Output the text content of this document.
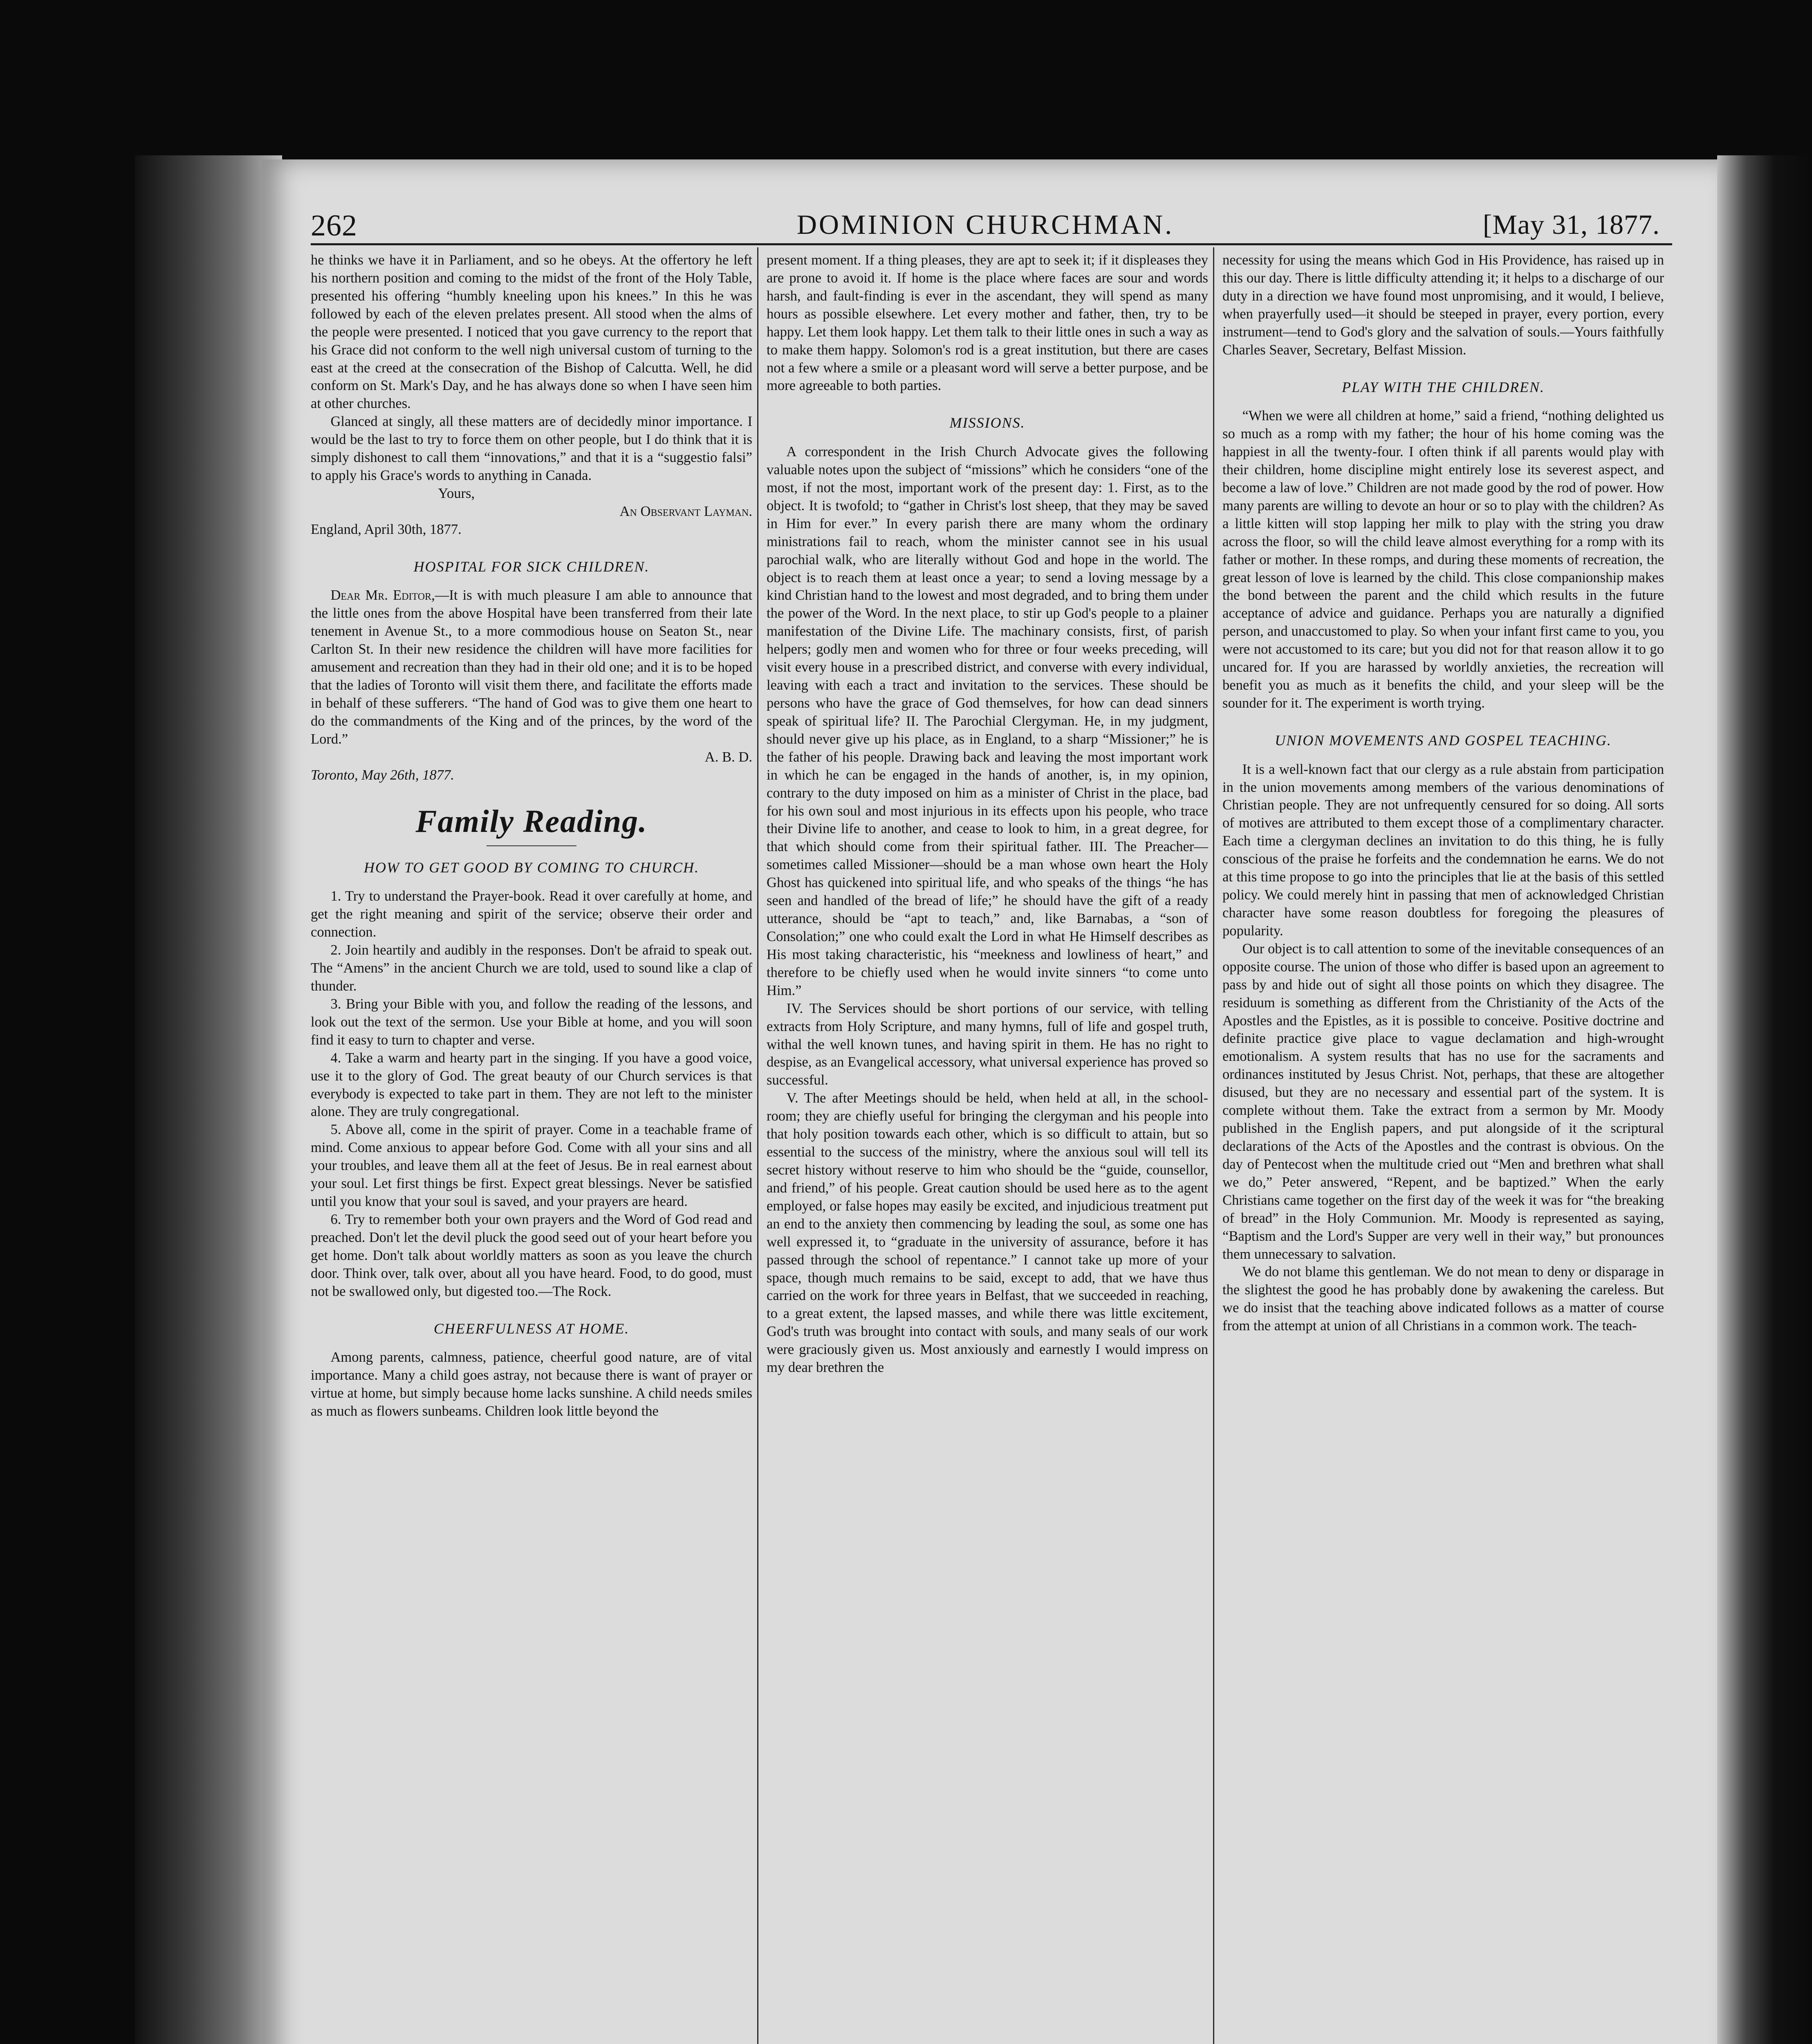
262	DOMINION CHURCHMAN.	[May 31, 1877.

he thinks we have it in Parliament, and so he obeys. At the offertory he left his northern position and coming to the midst of the front of the Holy Table, presented his offering “humbly kneeling upon his knees.” In this he was followed by each of the eleven prelates present. All stood when the alms of the people were presented. I noticed that you gave currency to the report that his Grace did not conform to the well nigh universal custom of turning to the east at the creed at the consecration of the Bishop of Calcutta. Well, he did conform on St. Mark's Day, and he has always done so when I have seen him at other churches.

Glanced at singly, all these matters are of decidedly minor importance. I would be the last to try to force them on other people, but I do think that it is simply dishonest to call them “innovations,” and that it is a “suggestio falsi” to apply his Grace's words to anything in Canada.

Yours,

An Observant Layman.

England, April 30th, 1877.

HOSPITAL FOR SICK CHILDREN.

Dear Mr. Editor,—It is with much pleasure I am able to announce that the little ones from the above Hospital have been transferred from their late tenement in Avenue St., to a more commodious house on Seaton St., near Carlton St. In their new residence the children will have more facilities for amusement and recreation than they had in their old one; and it is to be hoped that the ladies of Toronto will visit them there, and facilitate the efforts made in behalf of these sufferers. “The hand of God was to give them one heart to do the commandments of the King and of the princes, by the word of the Lord.”

A. B. D.

Toronto, May 26th, 1877.

Family Reading.
HOW TO GET GOOD BY COMING TO CHURCH.

1. Try to understand the Prayer-book. Read it over carefully at home, and get the right meaning and spirit of the service; observe their order and connection.

2. Join heartily and audibly in the responses. Don't be afraid to speak out. The “Amens” in the ancient Church we are told, used to sound like a clap of thunder.

3. Bring your Bible with you, and follow the reading of the lessons, and look out the text of the sermon. Use your Bible at home, and you will soon find it easy to turn to chapter and verse.

4. Take a warm and hearty part in the singing. If you have a good voice, use it to the glory of God. The great beauty of our Church services is that everybody is expected to take part in them. They are not left to the minister alone. They are truly congregational.

5. Above all, come in the spirit of prayer. Come in a teachable frame of mind. Come anxious to appear before God. Come with all your sins and all your troubles, and leave them all at the feet of Jesus. Be in real earnest about your soul. Let first things be first. Expect great blessings. Never be satisfied until you know that your soul is saved, and your prayers are heard.

6. Try to remember both your own prayers and the Word of God read and preached. Don't let the devil pluck the good seed out of your heart before you get home. Don't talk about worldly matters as soon as you leave the church door. Think over, talk over, about all you have heard. Food, to do good, must not be swallowed only, but digested too.—The Rock.

CHEERFULNESS AT HOME.

Among parents, calmness, patience, cheerful good nature, are of vital importance. Many a child goes astray, not because there is want of prayer or virtue at home, but simply because home lacks sunshine. A child needs smiles as much as flowers sunbeams. Children look little beyond the

present moment. If a thing pleases, they are apt to seek it; if it displeases they are prone to avoid it. If home is the place where faces are sour and words harsh, and fault-finding is ever in the ascendant, they will spend as many hours as possible elsewhere. Let every mother and father, then, try to be happy. Let them look happy. Let them talk to their little ones in such a way as to make them happy. Solomon's rod is a great institution, but there are cases not a few where a smile or a pleasant word will serve a better purpose, and be more agreeable to both parties.

MISSIONS.

A correspondent in the Irish Church Advocate gives the following valuable notes upon the subject of “missions” which he considers “one of the most, if not the most, important work of the present day: 1. First, as to the object. It is twofold; to “gather in Christ's lost sheep, that they may be saved in Him for ever.” In every parish there are many whom the ordinary ministrations fail to reach, whom the minister cannot see in his usual parochial walk, who are literally without God and hope in the world. The object is to reach them at least once a year; to send a loving message by a kind Christian hand to the lowest and most degraded, and to bring them under the power of the Word. In the next place, to stir up God's people to a plainer manifestation of the Divine Life. The machinary consists, first, of parish helpers; godly men and women who for three or four weeks preceding, will visit every house in a prescribed district, and converse with every individual, leaving with each a tract and invitation to the services. These should be persons who have the grace of God themselves, for how can dead sinners speak of spiritual life? II. The Parochial Clergyman. He, in my judgment, should never give up his place, as in England, to a sharp “Missioner;” he is the father of his people. Drawing back and leaving the most important work in which he can be engaged in the hands of another, is, in my opinion, contrary to the duty imposed on him as a minister of Christ in the place, bad for his own soul and most injurious in its effects upon his people, who trace their Divine life to another, and cease to look to him, in a great degree, for that which should come from their spiritual father. III. The Preacher—sometimes called Missioner—should be a man whose own heart the Holy Ghost has quickened into spiritual life, and who speaks of the things “he has seen and handled of the bread of life;” he should have the gift of a ready utterance, should be “apt to teach,” and, like Barnabas, a “son of Consolation;” one who could exalt the Lord in what He Himself describes as His most taking characteristic, his “meekness and lowliness of heart,” and therefore to be chiefly used when he would invite sinners “to come unto Him.”

IV. The Services should be short portions of our service, with telling extracts from Holy Scripture, and many hymns, full of life and gospel truth, withal the well known tunes, and having spirit in them. He has no right to despise, as an Evangelical accessory, what universal experience has proved so successful.

V. The after Meetings should be held, when held at all, in the school-room; they are chiefly useful for bringing the clergyman and his people into that holy position towards each other, which is so difficult to attain, but so essential to the success of the ministry, where the anxious soul will tell its secret history without reserve to him who should be the “guide, counsellor, and friend,” of his people. Great caution should be used here as to the agent employed, or false hopes may easily be excited, and injudicious treatment put an end to the anxiety then commencing by leading the soul, as some one has well expressed it, to “graduate in the university of assurance, before it has passed through the school of repentance.” I cannot take up more of your space, though much remains to be said, except to add, that we have thus carried on the work for three years in Belfast, that we succeeded in reaching, to a great extent, the lapsed masses, and while there was little excitement, God's truth was brought into contact with souls, and many seals of our work were graciously given us. Most anxiously and earnestly I would impress on my dear brethren the

necessity for using the means which God in His Providence, has raised up in this our day. There is little difficulty attending it; it helps to a discharge of our duty in a direction we have found most unpromising, and it would, I believe, when prayerfully used—it should be steeped in prayer, every portion, every instrument—tend to God's glory and the salvation of souls.—Yours faithfully Charles Seaver, Secretary, Belfast Mission.

PLAY WITH THE CHILDREN.

“When we were all children at home,” said a friend, “nothing delighted us so much as a romp with my father; the hour of his home coming was the happiest in all the twenty-four. I often think if all parents would play with their children, home discipline might entirely lose its severest aspect, and become a law of love.” Children are not made good by the rod of power. How many parents are willing to devote an hour or so to play with the children? As a little kitten will stop lapping her milk to play with the string you draw across the floor, so will the child leave almost everything for a romp with its father or mother. In these romps, and during these moments of recreation, the great lesson of love is learned by the child. This close companionship makes the bond between the parent and the child which results in the future acceptance of advice and guidance. Perhaps you are naturally a dignified person, and unaccustomed to play. So when your infant first came to you, you were not accustomed to its care; but you did not for that reason allow it to go uncared for. If you are harassed by worldly anxieties, the recreation will benefit you as much as it benefits the child, and your sleep will be the sounder for it. The experiment is worth trying.

UNION MOVEMENTS AND GOSPEL TEACHING.

It is a well-known fact that our clergy as a rule abstain from participation in the union movements among members of the various denominations of Christian people. They are not unfrequently censured for so doing. All sorts of motives are attributed to them except those of a complimentary character. Each time a clergyman declines an invitation to do this thing, he is fully conscious of the praise he forfeits and the condemnation he earns. We do not at this time propose to go into the principles that lie at the basis of this settled policy. We could merely hint in passing that men of acknowledged Christian character have some reason doubtless for foregoing the pleasures of popularity.

Our object is to call attention to some of the inevitable consequences of an opposite course. The union of those who differ is based upon an agreement to pass by and hide out of sight all those points on which they disagree. The residuum is something as different from the Christianity of the Acts of the Apostles and the Epistles, as it is possible to conceive. Positive doctrine and definite practice give place to vague declamation and high-wrought emotionalism. A system results that has no use for the sacraments and ordinances instituted by Jesus Christ. Not, perhaps, that these are altogether disused, but they are no necessary and essential part of the system. It is complete without them. Take the extract from a sermon by Mr. Moody published in the English papers, and put alongside of it the scriptural declarations of the Acts of the Apostles and the contrast is obvious. On the day of Pentecost when the multitude cried out “Men and brethren what shall we do,” Peter answered, “Repent, and be baptized.” When the early Christians came together on the first day of the week it was for “the breaking of bread” in the Holy Communion. Mr. Moody is represented as saying, “Baptism and the Lord's Supper are very well in their way,” but pronounces them unnecessary to salvation.

We do not blame this gentleman. We do not mean to deny or disparage in the slightest the good he has probably done by awakening the careless. But we do insist that the teaching above indicated follows as a matter of course from the attempt at union of all Christians in a common work. The teach-
